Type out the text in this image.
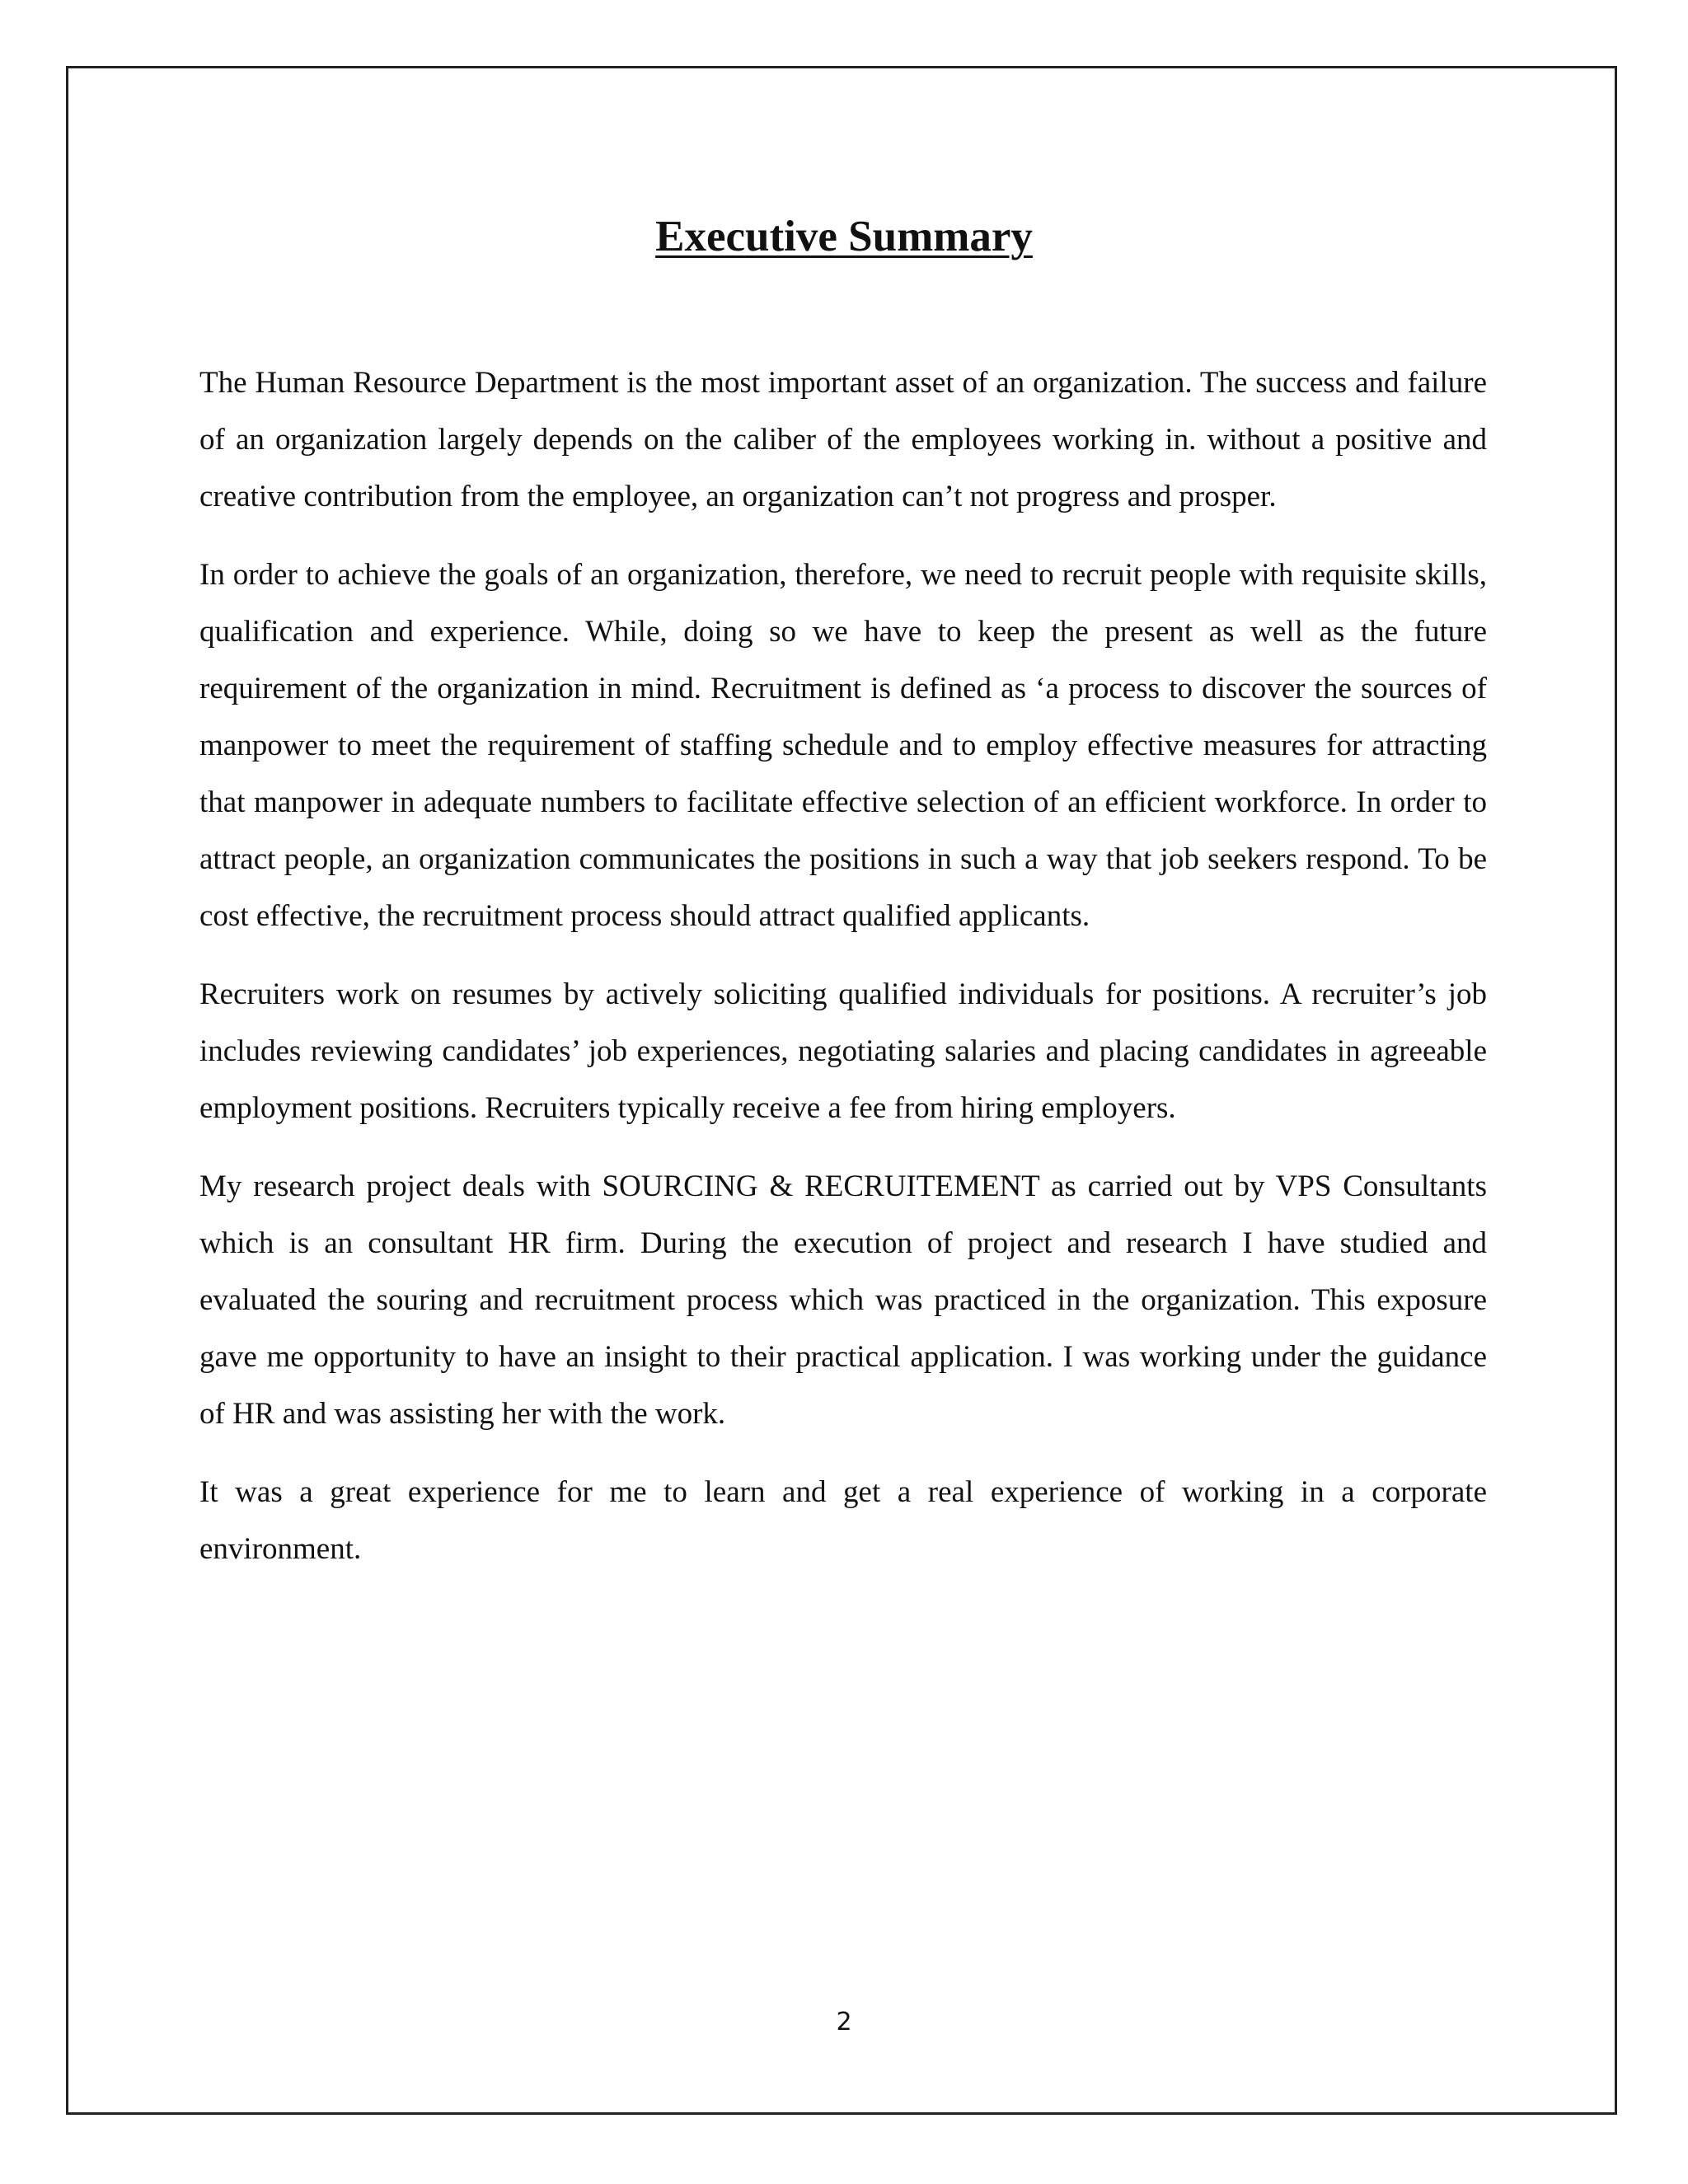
Executive Summary

The Human Resource Department is the most important asset of an organization. The success and failure of an organization largely depends on the caliber of the employees working in. without a positive and creative contribution from the employee, an organization can’t not progress and prosper.

In order to achieve the goals of an organization, therefore, we need to recruit people with requisite skills, qualification and experience. While, doing so we have to keep the present as well as the future requirement of the organization in mind. Recruitment is defined as ‘a process to discover the sources of manpower to meet the requirement of staffing schedule and to employ effective measures for attracting that manpower in adequate numbers to facilitate effective selection of an efficient workforce. In order to attract people, an organization communicates the positions in such a way that job seekers respond. To be cost effective, the recruitment process should attract qualified applicants.

Recruiters work on resumes by actively soliciting qualified individuals for positions. A recruiter’s job includes reviewing candidates’ job experiences, negotiating salaries and placing candidates in agreeable employment positions. Recruiters typically receive a fee from hiring employers.

My research project deals with SOURCING & RECRUITEMENT as carried out by VPS Consultants which is an consultant HR firm. During the execution of project and research I have studied and evaluated the souring and recruitment process which was practiced in the organization. This exposure gave me opportunity to have an insight to their practical application. I was working under the guidance of HR and was assisting her with the work.

It was a great experience for me to learn and get a real experience of working in a corporate environment.

2
